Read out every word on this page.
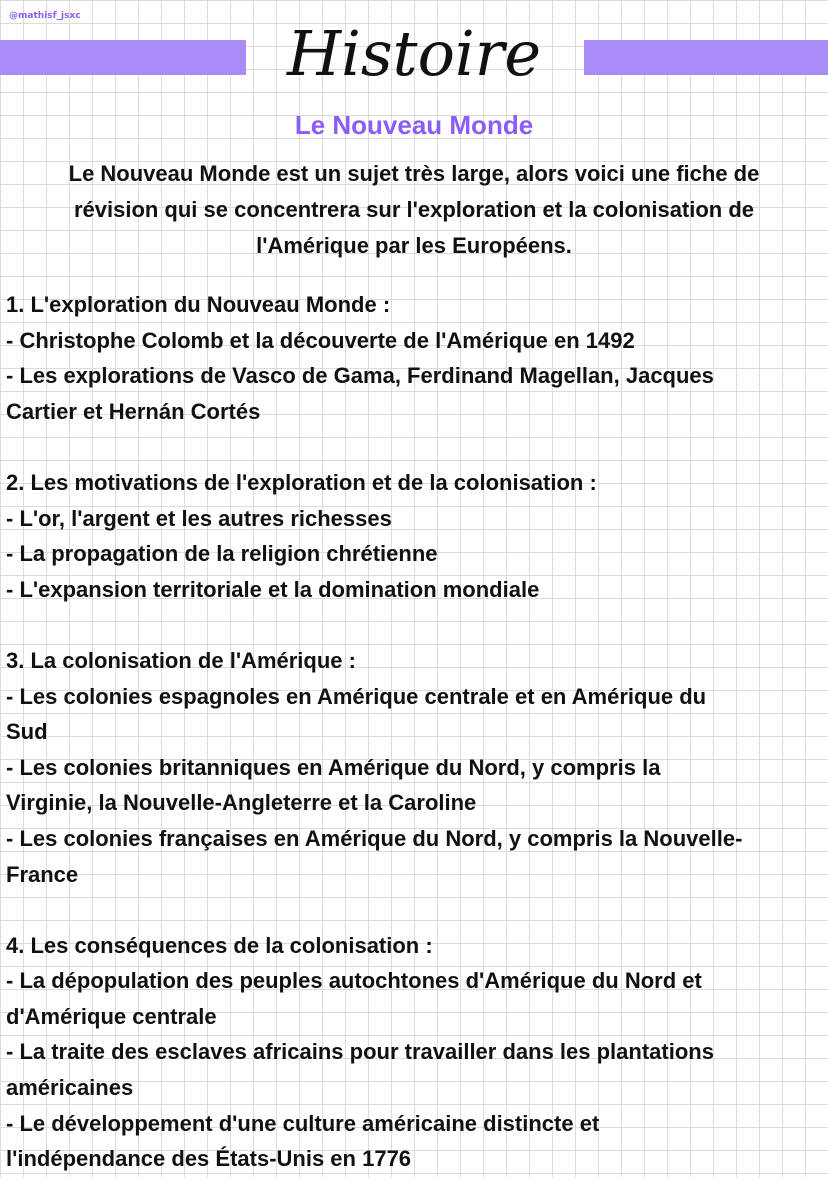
@mathisf_jsxc
Histoire
Le Nouveau Monde
Le Nouveau Monde est un sujet très large, alors voici une fiche de
révision qui se concentrera sur l'exploration et la colonisation de
l'Amérique par les Européens.
1. L'exploration du Nouveau Monde :
- Christophe Colomb et la découverte de l'Amérique en 1492
- Les explorations de Vasco de Gama, Ferdinand Magellan, Jacques
Cartier et Hernán Cortés
2. Les motivations de l'exploration et de la colonisation :
- L'or, l'argent et les autres richesses
- La propagation de la religion chrétienne
- L'expansion territoriale et la domination mondiale
3. La colonisation de l'Amérique :
- Les colonies espagnoles en Amérique centrale et en Amérique du
Sud
- Les colonies britanniques en Amérique du Nord, y compris la
Virginie, la Nouvelle-Angleterre et la Caroline
- Les colonies françaises en Amérique du Nord, y compris la Nouvelle-
France
4. Les conséquences de la colonisation :
- La dépopulation des peuples autochtones d'Amérique du Nord et
d'Amérique centrale
- La traite des esclaves africains pour travailler dans les plantations
américaines
- Le développement d'une culture américaine distincte et
l'indépendance des États-Unis en 1776
